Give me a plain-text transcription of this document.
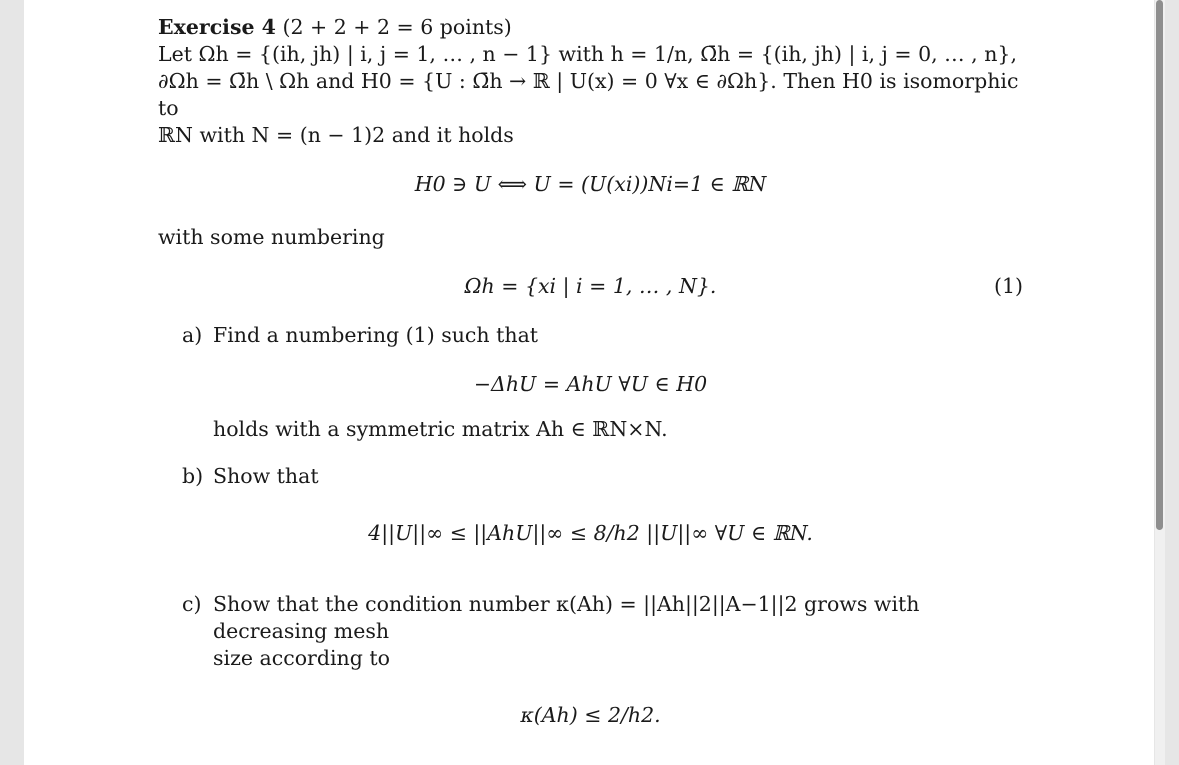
Exercise 4 (2 + 2 + 2 = 6 points)

Let Ωh = {(ih, jh) | i, j = 1, … , n − 1} with h = 1/n, Ω̄h = {(ih, jh) | i, j = 0, … , n},

∂Ωh = Ω̄h \ Ωh and H0 = {U : Ω̄h → ℝ | U(x) = 0 ∀x ∈ ∂Ωh}. Then H0 is isomorphic to

ℝN with N = (n − 1)2 and it holds

H0 ∋ U ⟺ U = (U(xi))Ni=1 ∈ ℝN

with some numbering

Ωh = {xi | i = 1, … , N}.	(1)
a) Find a numbering (1) such that

−ΔhU = AhU ∀U ∈ H0

holds with a symmetric matrix Ah ∈ ℝN×N.

b) Show that

4||U||∞ ≤ ||AhU||∞ ≤ 8/h2 ||U||∞ ∀U ∈ ℝN.
c) Show that the condition number κ(Ah) = ||Ah||2||A−1||2 grows with decreasing mesh

size according to

κ(Ah) ≤ 2/h2.
